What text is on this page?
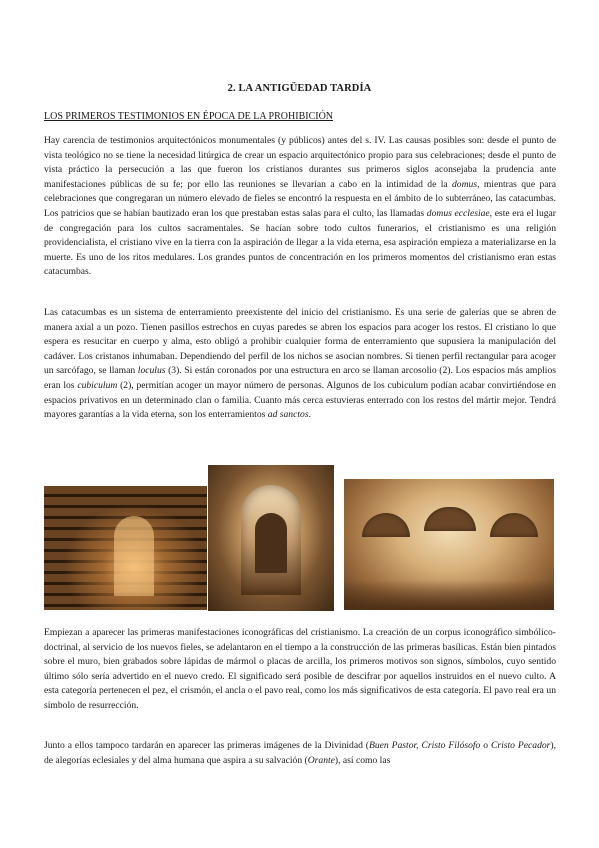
2. LA ANTIGÜEDAD TARDÍA
LOS PRIMEROS TESTIMONIOS EN ÉPOCA DE LA PROHIBICIÓN

Hay carencia de testimonios arquitectónicos monumentales (y públicos) antes del s. IV. Las causas posibles son: desde el punto de vista teológico no se tiene la necesidad litúrgica de crear un espacio arquitectónico propio para sus celebraciones; desde el punto de vista práctico la persecución a las que fueron los cristianos durantes sus primeros siglos aconsejaba la prudencia ante manifestaciones públicas de su fe; por ello las reuniones se llevarían a cabo en la intimidad de la domus, mientras que para celebraciones que congregaran un número elevado de fieles se encontró la respuesta en el ámbito de lo subterráneo, las catacumbas. Los patricios que se habían bautizado eran los que prestaban estas salas para el culto, las llamadas domus ecclesiae, este era el lugar de congregación para los cultos sacramentales. Se hacían sobre todo cultos funerarios, el cristianismo es una religión providencialista, el cristiano vive en la tierra con la aspiración de llegar a la vida eterna, esa aspiración empieza a materializarse en la muerte. Es uno de los ritos medulares. Los grandes puntos de concentración en los primeros momentos del cristianismo eran estas catacumbas.

Las catacumbas es un sistema de enterramiento preexistente del inicio del cristianismo. Es una serie de galerías que se abren de manera axial a un pozo. Tienen pasillos estrechos en cuyas paredes se abren los espacios para acoger los restos. El cristiano lo que espera es resucitar en cuerpo y alma, esto obligó a prohibir cualquier forma de enterramiento que supusiera la manipulación del cadáver. Los cristanos inhumaban. Dependiendo del perfil de los nichos se asocian nombres. Si tienen perfil rectangular para acoger un sarcófago, se llaman loculus (3). Si están coronados por una estructura en arco se llaman arcosolio (2). Los espacios más amplios eran los cubiculum (2), permitían acoger un mayor número de personas. Algunos de los cubiculum podían acabar convirtiéndose en espacios privativos en un determinado clan o familia. Cuanto más cerca estuvieras enterrado con los restos del mártir mejor. Tendrá mayores garantías a la vida eterna, son los enterramientos ad sanctos.

Empiezan a aparecer las primeras manifestaciones iconográficas del cristianismo. La creación de un corpus iconográfico simbólico-doctrinal, al servicio de los nuevos fieles, se adelantaron en el tiempo a la construcción de las primeras basílicas. Están bien pintados sobre el muro, bien grabados sobre lápidas de mármol o placas de arcilla, los primeros motivos son signos, símbolos, cuyo sentido último sólo sería advertido en el nuevo credo. El significado será posible de descifrar por aquellos instruidos en el nuevo culto. A esta categoría pertenecen el pez, el crismón, el ancla o el pavo real, como los más significativos de esta categoría. El pavo real era un símbolo de resurrección.

Junto a ellos tampoco tardarán en aparecer las primeras imágenes de la Divinidad (Buen Pastor, Cristo Filósofo o Cristo Pecador), de alegorías eclesiales y del alma humana que aspira a su salvación (Orante), así como las
